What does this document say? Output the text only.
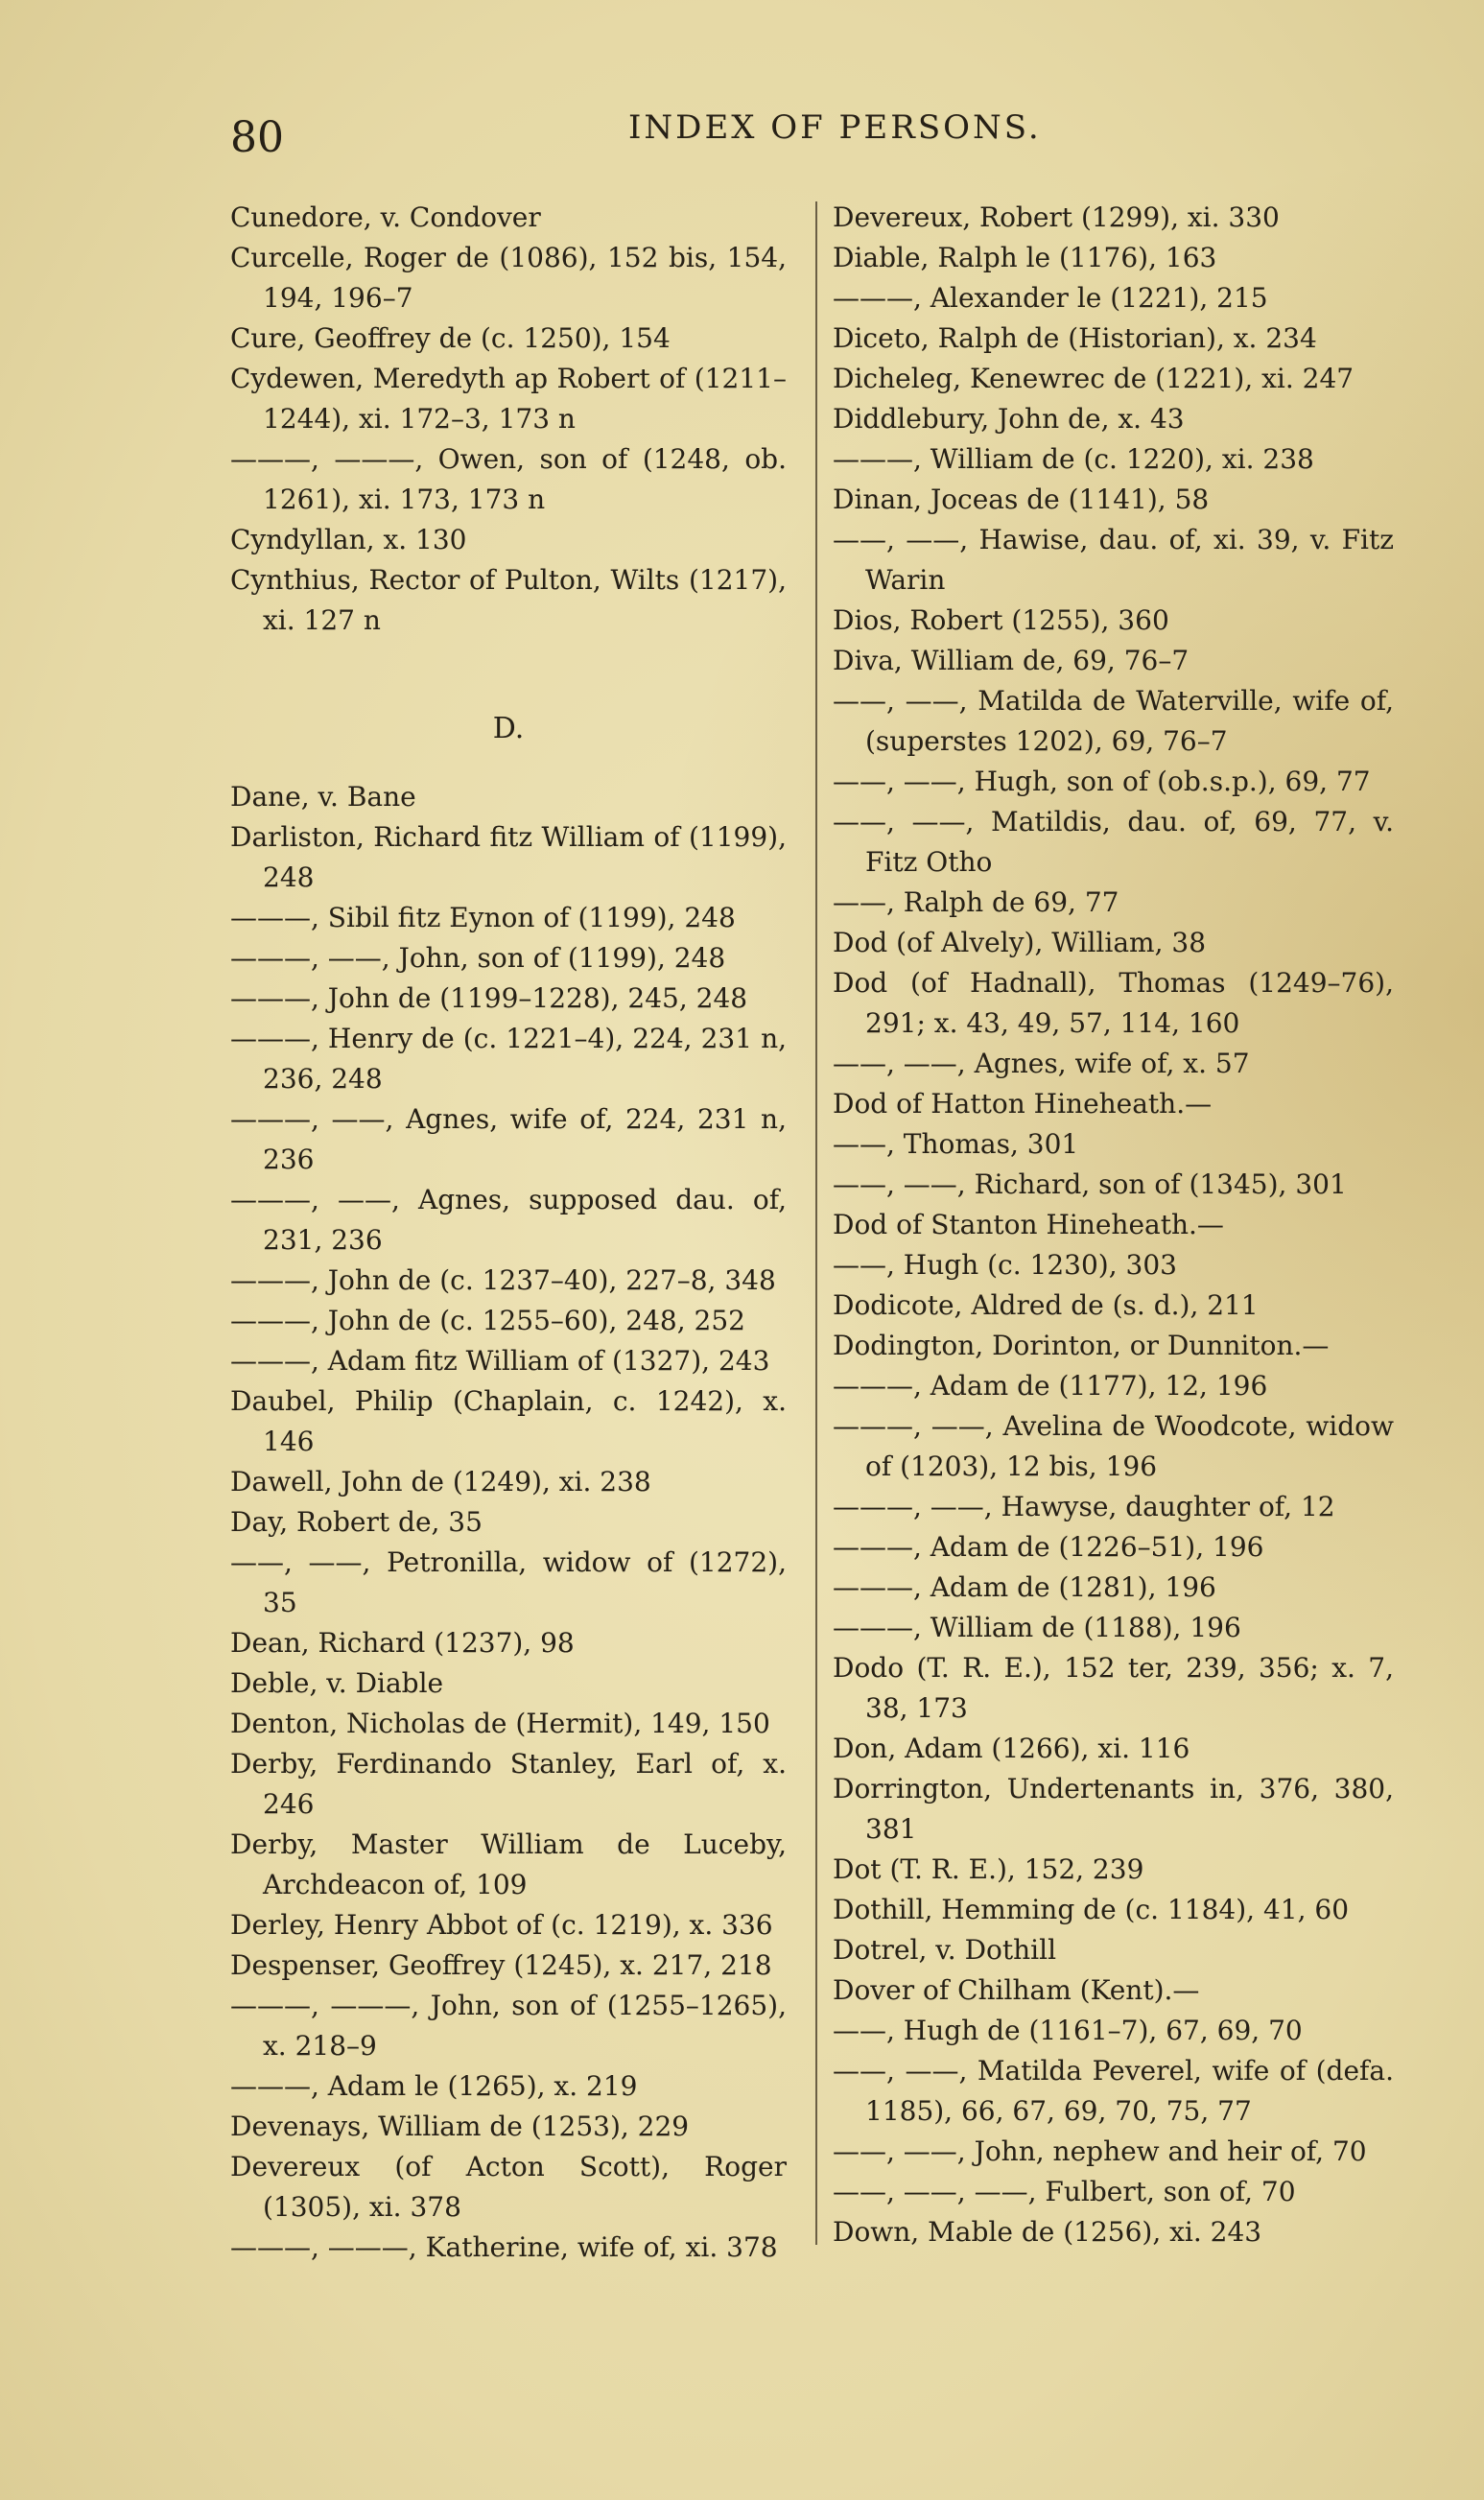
80	INDEX OF PERSONS.
Cunedore, v. Condover
Curcelle, Roger de (1086), 152 bis, 154, 194, 196–7
Cure, Geoffrey de (c. 1250), 154
Cydewen, Meredyth ap Robert of (1211–1244), xi. 172–3, 173 n
———, ———, Owen, son of (1248, ob. 1261), xi. 173, 173 n
Cyndyllan, x. 130
Cynthius, Rector of Pulton, Wilts (1217), xi. 127 n
D.
Dane, v. Bane
Darliston, Richard fitz William of (1199), 248
———, Sibil fitz Eynon of (1199), 248
———, ——, John, son of (1199), 248
———, John de (1199–1228), 245, 248
———, Henry de (c. 1221–4), 224, 231 n, 236, 248
———, ——, Agnes, wife of, 224, 231 n, 236
———, ——, Agnes, supposed dau. of, 231, 236
———, John de (c. 1237–40), 227–8, 348
———, John de (c. 1255–60), 248, 252
———, Adam fitz William of (1327), 243
Daubel, Philip (Chaplain, c. 1242), x. 146
Dawell, John de (1249), xi. 238
Day, Robert de, 35
——, ——, Petronilla, widow of (1272), 35
Dean, Richard (1237), 98
Deble, v. Diable
Denton, Nicholas de (Hermit), 149, 150
Derby, Ferdinando Stanley, Earl of, x. 246
Derby, Master William de Luceby, Archdeacon of, 109
Derley, Henry Abbot of (c. 1219), x. 336
Despenser, Geoffrey (1245), x. 217, 218
———, ———, John, son of (1255–1265), x. 218–9
———, Adam le (1265), x. 219
Devenays, William de (1253), 229
Devereux (of Acton Scott), Roger (1305), xi. 378
———, ———, Katherine, wife of, xi. 378
Devereux, Robert (1299), xi. 330
Diable, Ralph le (1176), 163
———, Alexander le (1221), 215
Diceto, Ralph de (Historian), x. 234
Dicheleg, Kenewrec de (1221), xi. 247
Diddlebury, John de, x. 43
———, William de (c. 1220), xi. 238
Dinan, Joceas de (1141), 58
——, ——, Hawise, dau. of, xi. 39, v. Fitz Warin
Dios, Robert (1255), 360
Diva, William de, 69, 76–7
——, ——, Matilda de Waterville, wife of, (superstes 1202), 69, 76–7
——, ——, Hugh, son of (ob.s.p.), 69, 77
——, ——, Matildis, dau. of, 69, 77, v. Fitz Otho
——, Ralph de 69, 77
Dod (of Alvely), William, 38
Dod (of Hadnall), Thomas (1249–76), 291; x. 43, 49, 57, 114, 160
——, ——, Agnes, wife of, x. 57
Dod of Hatton Hineheath.—
——, Thomas, 301
——, ——, Richard, son of (1345), 301
Dod of Stanton Hineheath.—
——, Hugh (c. 1230), 303
Dodicote, Aldred de (s. d.), 211
Dodington, Dorinton, or Dunniton.—
———, Adam de (1177), 12, 196
———, ——, Avelina de Woodcote, widow of (1203), 12 bis, 196
———, ——, Hawyse, daughter of, 12
———, Adam de (1226–51), 196
———, Adam de (1281), 196
———, William de (1188), 196
Dodo (T. R. E.), 152 ter, 239, 356; x. 7, 38, 173
Don, Adam (1266), xi. 116
Dorrington, Undertenants in, 376, 380, 381
Dot (T. R. E.), 152, 239
Dothill, Hemming de (c. 1184), 41, 60
Dotrel, v. Dothill
Dover of Chilham (Kent).—
——, Hugh de (1161–7), 67, 69, 70
——, ——, Matilda Peverel, wife of (defa. 1185), 66, 67, 69, 70, 75, 77
——, ——, John, nephew and heir of, 70
——, ——, ——, Fulbert, son of, 70
Down, Mable de (1256), xi. 243
